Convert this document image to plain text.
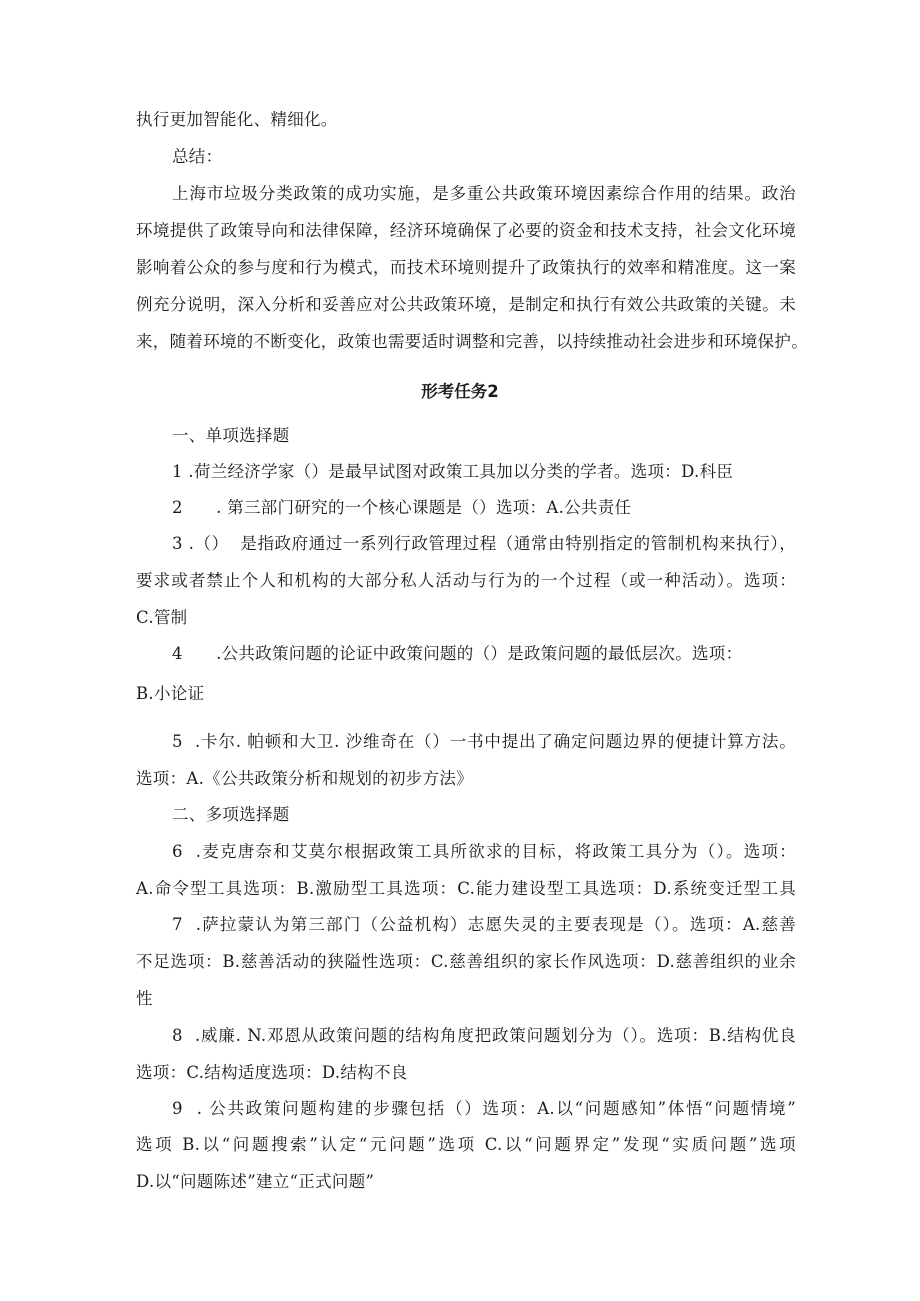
执行更加智能化、精细化。
总结：
上海市垃圾分类政策的成功实施，是多重公共政策环境因素综合作用的结果。政治
环境提供了政策导向和法律保障，经济环境确保了必要的资金和技术支持，社会文化环境
影响着公众的参与度和行为模式，而技术环境则提升了政策执行的效率和精准度。这一案
例充分说明，深入分析和妥善应对公共政策环境，是制定和执行有效公共政策的关键。未
来，随着环境的不断变化，政策也需要适时调整和完善，以持续推动社会进步和环境保护。
形考任务2
一、单项选择题
1 .荷兰经济学家（）是最早试图对政策工具加以分类的学者。选项：D.科臣
2      . 第三部门研究的一个核心课题是（）选项：A.公共责任
3 .（）  是指政府通过一系列行政管理过程（通常由特别指定的管制机构来执行），
要求或者禁止个人和机构的大部分私人活动与行为的一个过程（或一种活动）。选项：
C.管制
4      .公共政策问题的论证中政策问题的（）是政策问题的最低层次。选项：
B.小论证
5  .卡尔. 帕顿和大卫. 沙维奇在（）一书中提出了确定问题边界的便捷计算方法。
选项：A.《公共政策分析和规划的初步方法》
二、多项选择题
6  .麦克唐奈和艾莫尔根据政策工具所欲求的目标，将政策工具分为（）。选项：
A.命令型工具选项：B.激励型工具选项：C.能力建设型工具选项：D.系统变迁型工具
7  .萨拉蒙认为第三部门（公益机构）志愿失灵的主要表现是（）。选项：A.慈善
不足选项：B.慈善活动的狭隘性选项：C.慈善组织的家长作风选项：D.慈善组织的业余
性
8  .威廉. N.邓恩从政策问题的结构角度把政策问题划分为（）。选项：B.结构优良
选项：C.结构适度选项：D.结构不良
9  . 公共政策问题构建的步骤包括（）选项：A.以“问题感知”体悟“问题情境”
选项 B.以“问题搜索”认定“元问题”选项 C.以“问题界定”发现“实质问题”选项
D.以“问题陈述”建立“正式问题”
